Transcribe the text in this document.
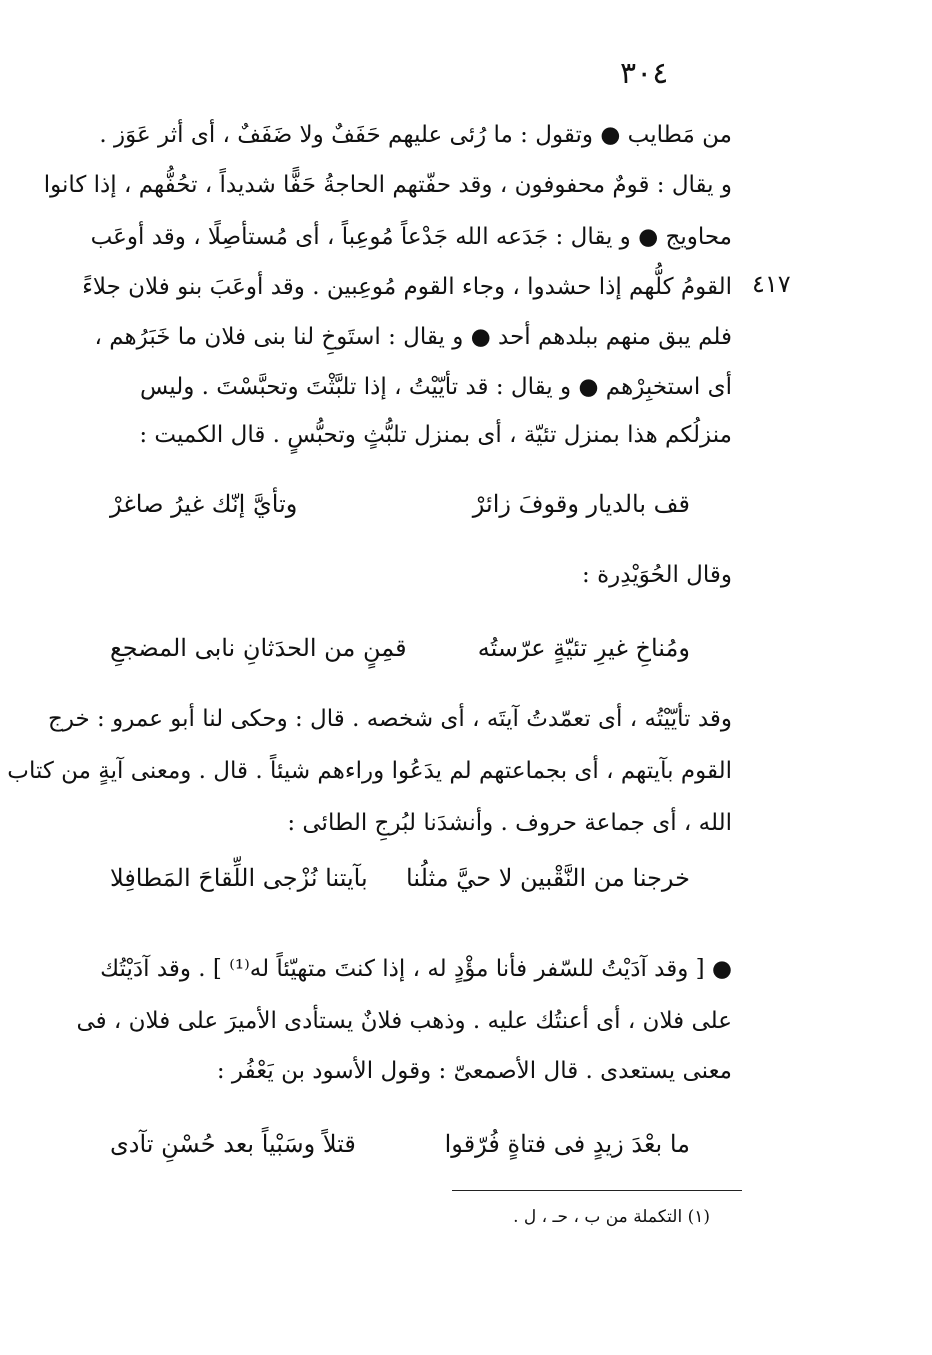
٣٠٤
٤١٧
من مَطايب ● وتقول : ما رُئى عليهم حَفَفٌ ولا ضَفَفٌ ، أى أثر عَوَز .
و يقال : قومٌ محفوفون ، وقد حفّتهم الحاجةُ حَفًّا شديداً ، تحُفُّهم ، إذا كانوا
محاويج ● و يقال : جَدَعه الله جَدْعاً مُوعِباً ، أى مُستأصِلًا ، وقد أوعَب
القومُ كلُّهم إذا حشدوا ، وجاء القوم مُوعِبين . وقد أوعَبَ بنو فلان جلاءً
فلم يبق منهم ببلدهم أحد ● و يقال : استَوخِ لنا بنى فلان ما خَبَرُهم ،
أى استخبِرْهم ● و يقال : قد تأيّيْتُ ، إذا تلبَّثْتَ وتحبَّسْتَ . وليس
منزلُكم هذا بمنزل تئيّة ، أى بمنزل تلبُّثٍ وتحبُّسٍ . قال الكميت :
قف بالديار وقوفَ زائرْ
وتأيَّ إنّك غيرُ صاغرْ
وقال الحُوَيْدِرة :
ومُناخِ غيرِ تئيّةٍ عرّستُه
قمِنٍ من الحدَثانِ نابى المضجعِ
وقد تأيّيْتُه ، أى تعمّدتُ آيتَه ، أى شخصه . قال : وحكى لنا أبو عمرو : خرج
القوم بآيتهم ، أى بجماعتهم لم يدَعُوا وراءهم شيئاً . قال . ومعنى آيةٍ من كتاب
الله ، أى جماعة حروف . وأنشدَنا لبُرجِ الطائى :
خرجنا من النَّقْبين لا حيَّ مثلُنا
بآيتنا نُزْجى اللِّقاحَ المَطافِلا
● [ وقد آدَيْتُ للسّفر فأنا مؤْدٍ له ، إذا كنتَ متهيّئاً له⁽¹⁾ ] . وقد آدَيْتُك
على فلان ، أى أعنتُك عليه . وذهب فلانٌ يستأدى الأميرَ على فلان ، فى
معنى يستعدى . قال الأصمعىّ : وقول الأسود بن يَعْفُر :
ما بعْدَ زيدٍ فى فتاةٍ فُرّقوا
قتلاً وسَبْياً بعد حُسْنِ تآدى
(١) التكملة من ب ، حـ ، ل .
